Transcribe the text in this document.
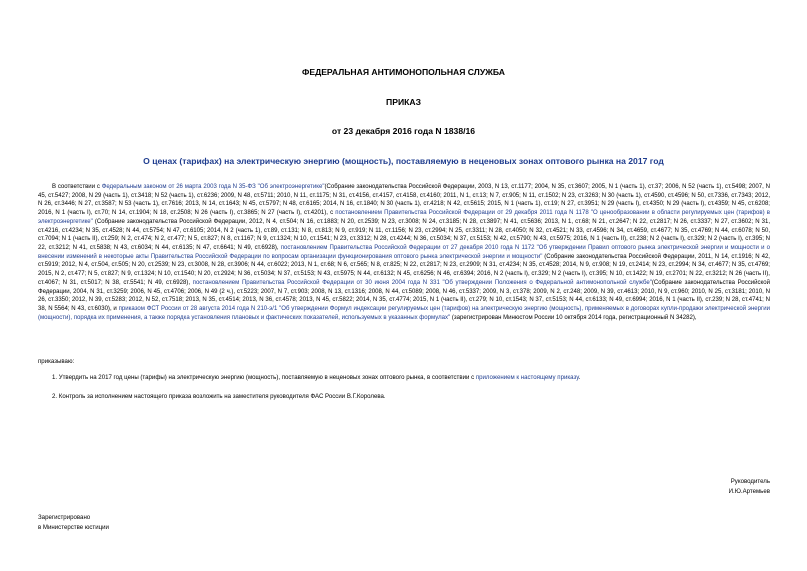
ФЕДЕРАЛЬНАЯ АНТИМОНОПОЛЬНАЯ СЛУЖБА
ПРИКАЗ
от 23 декабря 2016 года N 1838/16
О ценах (тарифах) на электрическую энергию (мощность), поставляемую в неценовых зонах оптового рынка на 2017 год

В соответствии с Федеральным законом от 26 марта 2003 года N 35-ФЗ "Об электроэнергетике"(Собрание законодательства Российской Федерации, 2003, N 13, ст.1177; 2004, N 35, ст.3607; 2005, N 1 (часть 1), ст.37; 2006, N 52 (часть 1), ст.5498; 2007, N 45, ст.5427; 2008, N 29 (часть 1), ст.3418; N 52 (часть 1), ст.6236; 2009, N 48, ст.5711; 2010, N 11, ст.1175; N 31, ст.4156, ст.4157, ст.4158, ст.4160; 2011, N 1, ст.13; N 7, ст.905; N 11, ст.1502; N 23, ст.3263; N 30 (часть 1), ст.4590, ст.4596; N 50, ст.7336, ст.7343; 2012, N 26, ст.3446; N 27, ст.3587; N 53 (часть 1), ст.7616; 2013, N 14, ст.1643; N 45, ст.5797; N 48, ст.6165; 2014, N 16, ст.1840; N 30 (часть 1), ст.4218; N 42, ст.5615; 2015, N 1 (часть 1), ст.19; N 27, ст.3951; N 29 (часть I), ст.4350; N 29 (часть I), ст.4359; N 45, ст.6208; 2016, N 1 (часть I), ст.70; N 14, ст.1904; N 18, ст.2508; N 26 (часть I), ст.3865; N 27 (часть I), ст.4201), с постановлением Правительства Российской Федерации от 29 декабря 2011 года N 1178 "О ценообразовании в области регулируемых цен (тарифов) в электроэнергетике" (Собрание законодательства Российской Федерации, 2012, N 4, ст.504; N 16, ст.1883; N 20, ст.2539; N 23, ст.3008; N 24, ст.3185; N 28, ст.3897; N 41, ст.5636; 2013, N 1, ст.68; N 21, ст.2647; N 22, ст.2817; N 26, ст.3337; N 27, ст.3602; N 31, ст.4216, ст.4234; N 35, ст.4528; N 44, ст.5754; N 47, ст.6105; 2014, N 2 (часть 1), ст.89, ст.131; N 8, ст.813; N 9, ст.919; N 11, ст.1156; N 23, ст.2994; N 25, ст.3311; N 28, ст.4050; N 32, ст.4521; N 33, ст.4596; N 34, ст.4659, ст.4677; N 35, ст.4769; N 44, ст.6078; N 50, ст.7094; N 1 (часть II), ст.259; N 2, ст.474; N 2, ст.477; N 5, ст.827; N 8, ст.1167; N 9, ст.1324; N 10, ст.1541; N 23, ст.3312; N 28, ст.4244; N 36, ст.5034; N 37, ст.5153; N 42, ст.5790; N 43, ст.5975; 2016, N 1 (часть II), ст.238; N 2 (часть I), ст.329; N 2 (часть I), ст.395; N 22, ст.3212; N 41, ст.5838; N 43, ст.6034; N 44, ст.6135; N 47, ст.6641; N 49, ст.6928), постановлением Правительства Российской Федерации от 27 декабря 2010 года N 1172 "Об утверждении Правил оптового рынка электрической энергии и мощности и о внесении изменений в некоторые акты Правительства Российской Федерации по вопросам организации функционирования оптового рынка электрической энергии и мощности" (Собрание законодательства Российской Федерации, 2011, N 14, ст.1916; N 42, ст.5919; 2012, N 4, ст.504, ст.505; N 20, ст.2539; N 23, ст.3008, N 28, ст.3906; N 44, ст.6022; 2013, N 1, ст.68; N 6, ст.565; N 8, ст.825; N 22, ст.2817; N 23, ст.2909; N 31, ст.4234; N 35, ст.4528; 2014, N 9, ст.908; N 19, ст.2414; N 23, ст.2994; N 34, ст.4677; N 35, ст.4769; 2015, N 2, ст.477; N 5, ст.827; N 9, ст.1324; N 10, ст.1540; N 20, ст.2924; N 36, ст.5034; N 37, ст.5153; N 43, ст.5975; N 44, ст.6132; N 45, ст.6256; N 46, ст.6394; 2016, N 2 (часть I), ст.329; N 2 (часть I), ст.395; N 10, ст.1422; N 19, ст.2701; N 22, ст.3212; N 26 (часть II), ст.4067; N 31, ст.5017; N 38, ст.5541; N 49, ст.6928), постановлением Правительства Российской Федерации от 30 июня 2004 года N 331 "Об утверждении Положения о Федеральной антимонопольной службе"(Собрание законодательства Российской Федерации, 2004, N 31, ст.3259; 2006, N 45, ст.4706; 2006, N 49 (2 ч.), ст.5223; 2007, N 7, ст.903; 2008, N 13, ст.1316; 2008, N 44, ст.5089; 2008, N 46, ст.5337; 2009, N 3, ст.378; 2009, N 2, ст.248; 2009, N 39, ст.4613; 2010, N 9, ст.960; 2010, N 25, ст.3181; 2010, N 26, ст.3350; 2012, N 39, ст.5283; 2012, N 52, ст.7518; 2013, N 35, ст.4514; 2013, N 36, ст.4578; 2013, N 45, ст.5822; 2014, N 35, ст.4774; 2015, N 1 (часть II), ст.279; N 10, ст.1543; N 37, ст.5153; N 44, ст.6133; N 49, ст.6994; 2016, N 1 (часть II), ст.239; N 28, ст.4741; N 38, N 5564; N 43, ст.6030), и приказом ФСТ России от 28 августа 2014 года N 210-э/1 "Об утверждении Формул индексации регулируемых цен (тарифов) на электрическую энергию (мощность), применяемых в договорах купли-продажи электрической энергии (мощности), порядка их применения, а также порядка установления плановых и фактических показателей, используемых в указанных формулах" (зарегистрирован Минюстом России 10 октября 2014 года, регистрационный N 34282),

приказываю:
1. Утвердить на 2017 год цены (тарифы) на электрическую энергию (мощность), поставляемую в неценовых зонах оптового рынка, в соответствии с приложением к настоящему приказу.
2. Контроль за исполнением настоящего приказа возложить на заместителя руководителя ФАС России В.Г.Королева.
Руководитель
И.Ю.Артемьев
Зарегистрировано
в Министерстве юстиции
